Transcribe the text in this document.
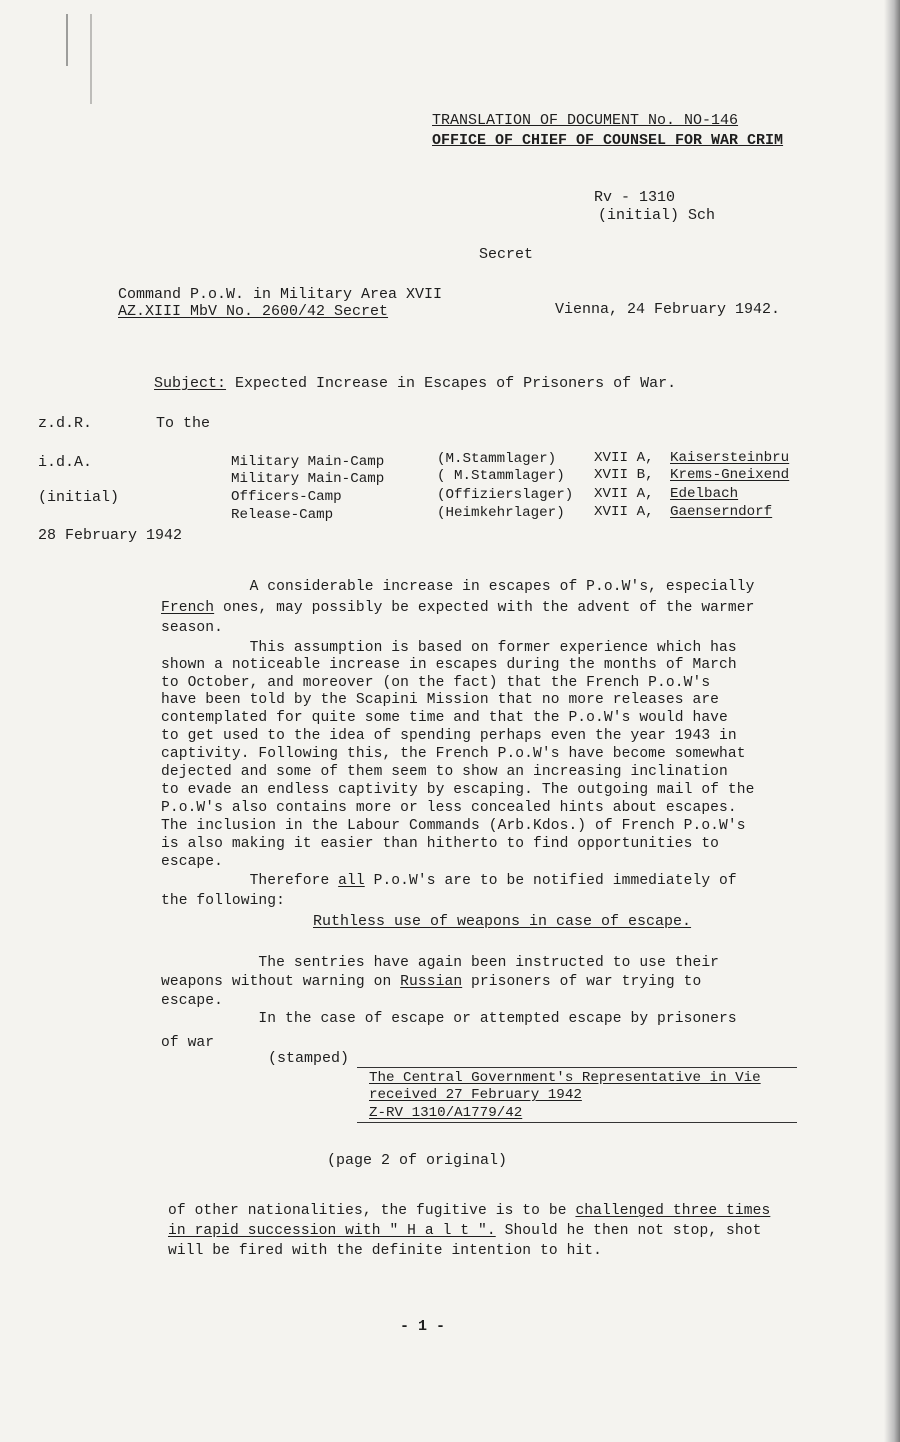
TRANSLATION OF DOCUMENT No. NO-146
OFFICE OF CHIEF OF COUNSEL FOR WAR CRIM
Rv - 1310
(initial) Sch
Secret
Command P.o.W. in Military Area XVII
AZ.XIII MbV No. 2600/42 Secret	Vienna, 24 February 1942.

Subject: Expected Increase in Escapes of Prisoners of War.

z.d.R.	To the
i.d.A.
(initial)
28 February 1942
Military Main-Camp	(M.Stammlager)	XVII A, Kaisersteinbru
Military Main-Camp	( M.Stammlager) XVII B, Krems-Gneixend
Officers-Camp	(Offizierslager) XVII A, Edelbach
Release-Camp	(Heimkehrlager) XVII A, Gaenserndorf
A considerable increase in escapes of P.o.W's, especially
French ones, may possibly be expected with the advent of the warmer
season.
This assumption is based on former experience which has
shown a noticeable increase in escapes during the months of March
to October, and moreover (on the fact) that the French P.o.W's
have been told by the Scapini Mission that no more releases are
contemplated for quite some time and that the P.o.W's would have
to get used to the idea of spending perhaps even the year 1943 in
captivity. Following this, the French P.o.W's have become somewhat
dejected and some of them seem to show an increasing inclination
to evade an endless captivity by escaping. The outgoing mail of the
P.o.W's also contains more or less concealed hints about escapes.
The inclusion in the Labour Commands (Arb.Kdos.) of French P.o.W's
is also making it easier than hitherto to find opportunities to
escape.
Therefore all P.o.W's are to be notified immediately of
the following:
Ruthless use of weapons in case of escape.
The sentries have again been instructed to use their
weapons without warning on Russian prisoners of war trying to
escape.
In the case of escape or attempted escape by prisoners
of war
(stamped)
The Central Government's Representative in Vie
received 27 February 1942
Z-RV 1310/A1779/42
(page 2 of original)
of other nationalities, the fugitive is to be challenged three times
in rapid succession with " H a l t ". Should he then not stop, shot
will be fired with the definite intention to hit.
- 1 -
